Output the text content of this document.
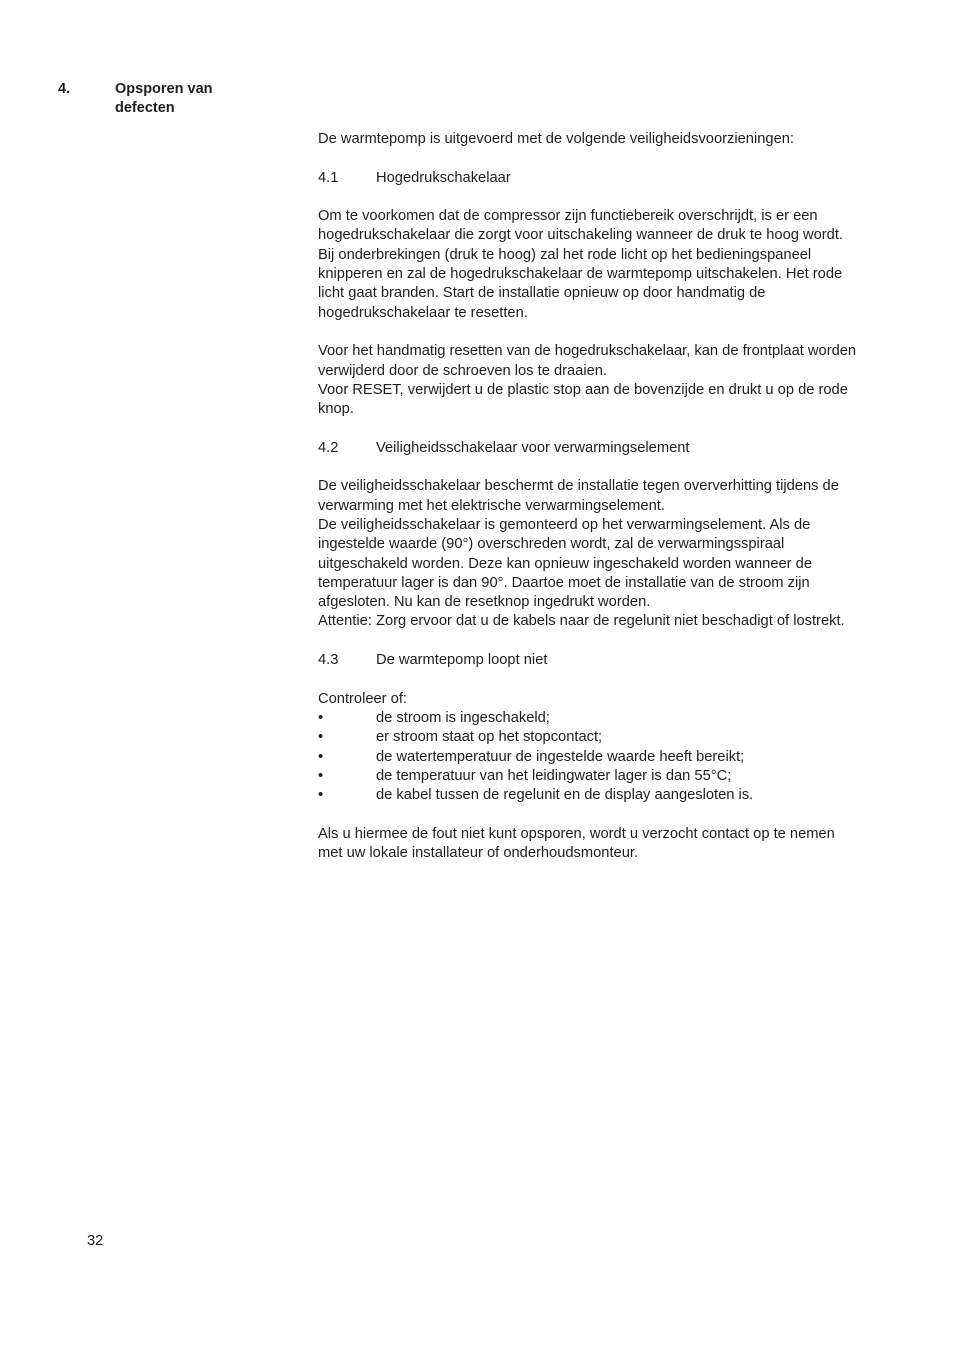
4.	Opsporen van
defecten

De warmtepomp is uitgevoerd met de volgende veiligheidsvoorzieningen:

4.1	Hogedrukschakelaar

Om te voorkomen dat de compressor zijn functiebereik overschrijdt, is er een
hogedrukschakelaar die zorgt voor uitschakeling wanneer de druk te hoog wordt.
Bij onderbrekingen (druk te hoog) zal het rode licht op het bedieningspaneel
knipperen en zal de hogedrukschakelaar de warmtepomp uitschakelen. Het rode
licht gaat branden. Start de installatie opnieuw op door handmatig de
hogedrukschakelaar te resetten.

Voor het handmatig resetten van de hogedrukschakelaar, kan de frontplaat worden
verwijderd door de schroeven los te draaien.
Voor RESET, verwijdert u de plastic stop aan de bovenzijde en drukt u op de rode
knop.

4.2	Veiligheidsschakelaar voor verwarmingselement

De veiligheidsschakelaar beschermt de installatie tegen oververhitting tijdens de
verwarming met het elektrische verwarmingselement.
De veiligheidsschakelaar is gemonteerd op het verwarmingselement. Als de
ingestelde waarde (90°) overschreden wordt, zal de verwarmingsspiraal
uitgeschakeld worden. Deze kan opnieuw ingeschakeld worden wanneer de
temperatuur lager is dan 90°. Daartoe moet de installatie van de stroom zijn
afgesloten. Nu kan de resetknop ingedrukt worden.
Attentie: Zorg ervoor dat u de kabels naar de regelunit niet beschadigt of lostrekt.

4.3	De warmtepomp loopt niet

Controleer of:

•	de stroom is ingeschakeld;
•	er stroom staat op het stopcontact;
•	de watertemperatuur de ingestelde waarde heeft bereikt;
•	de temperatuur van het leidingwater lager is dan 55°C;
•	de kabel tussen de regelunit en de display aangesloten is.

Als u hiermee de fout niet kunt opsporen, wordt u verzocht contact op te nemen
met uw lokale installateur of onderhoudsmonteur.

32
